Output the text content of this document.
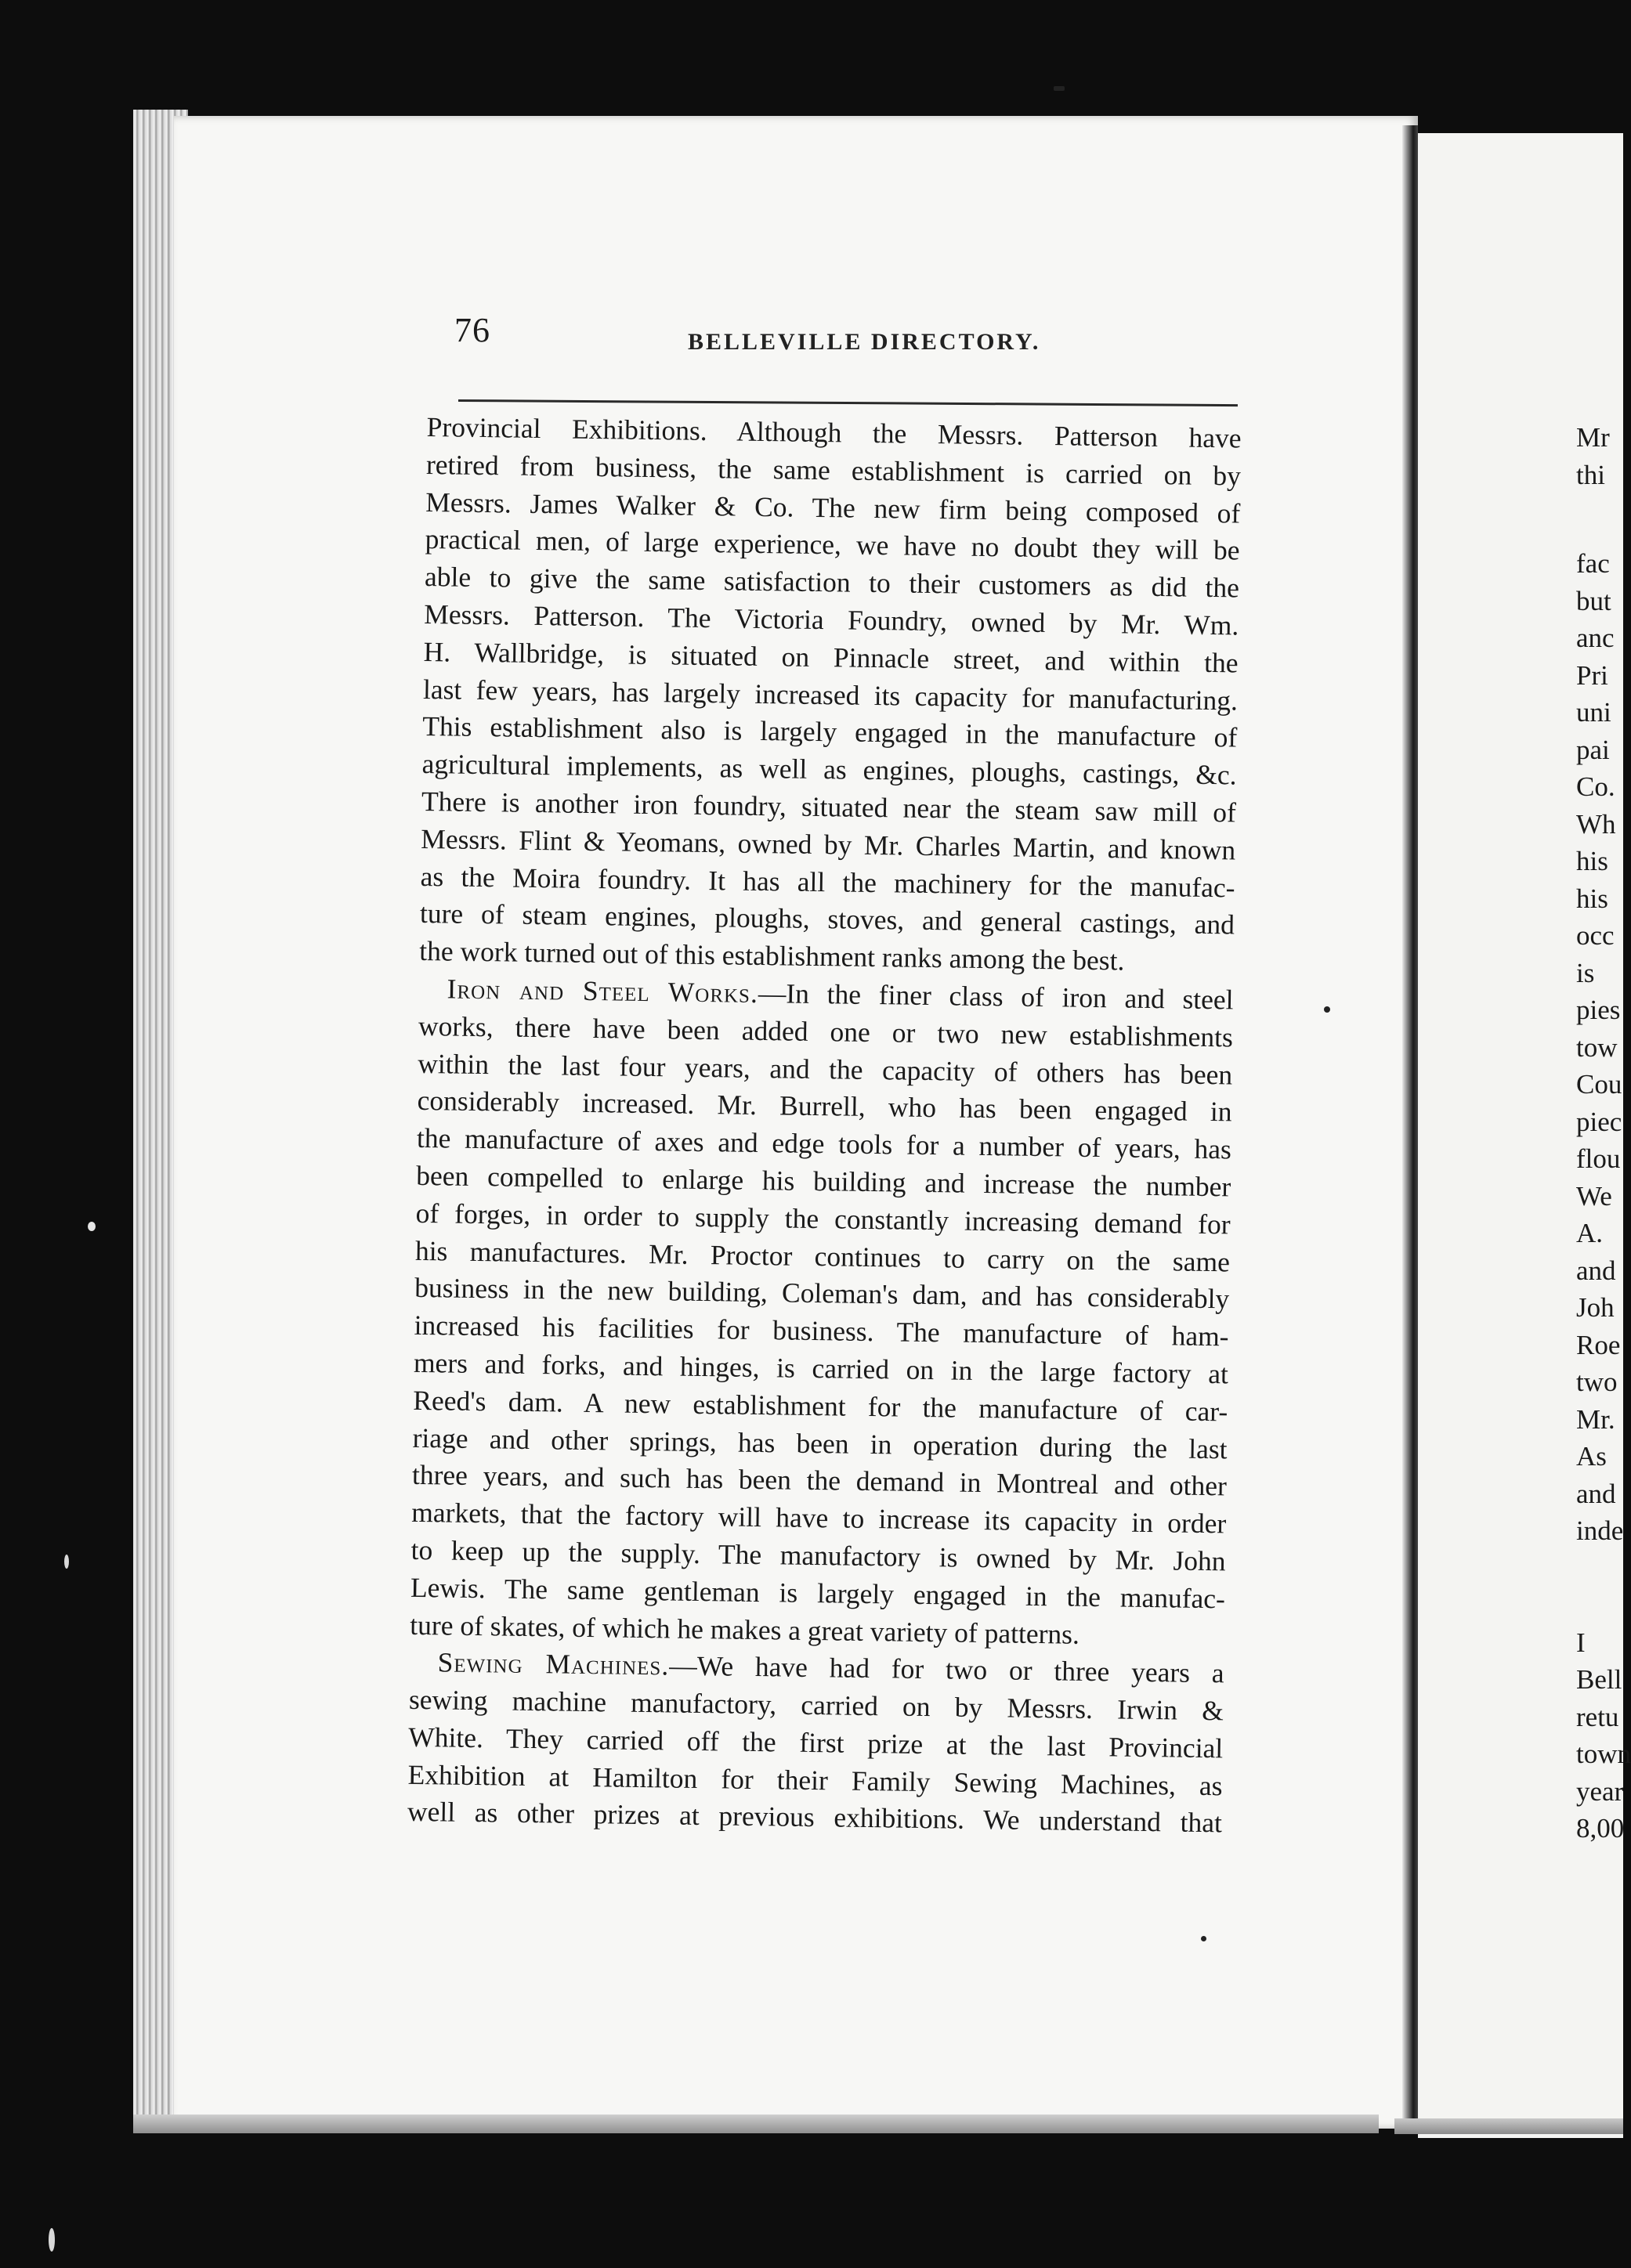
76	BELLEVILLE DIRECTORY.
Provincial Exhibitions. Although the Messrs. Patterson have
retired from business, the same establishment is carried on by
Messrs. James Walker & Co. The new firm being composed of
practical men, of large experience, we have no doubt they will be
able to give the same satisfaction to their customers as did the
Messrs. Patterson. The Victoria Foundry, owned by Mr. Wm.
H. Wallbridge, is situated on Pinnacle street, and within the
last few years, has largely increased its capacity for manufacturing.
This establishment also is largely engaged in the manufacture of
agricultural implements, as well as engines, ploughs, castings, &c.
There is another iron foundry, situated near the steam saw mill of
Messrs. Flint & Yeomans, owned by Mr. Charles Martin, and known
as the Moira foundry. It has all the machinery for the manufac-
ture of steam engines, ploughs, stoves, and general castings, and
the work turned out of this establishment ranks among the best.
Iron and Steel Works.—In the finer class of iron and steel
works, there have been added one or two new establishments
within the last four years, and the capacity of others has been
considerably increased. Mr. Burrell, who has been engaged in
the manufacture of axes and edge tools for a number of years, has
been compelled to enlarge his building and increase the number
of forges, in order to supply the constantly increasing demand for
his manufactures. Mr. Proctor continues to carry on the same
business in the new building, Coleman's dam, and has considerably
increased his facilities for business. The manufacture of ham-
mers and forks, and hinges, is carried on in the large factory at
Reed's dam. A new establishment for the manufacture of car-
riage and other springs, has been in operation during the last
three years, and such has been the demand in Montreal and other
markets, that the factory will have to increase its capacity in order
to keep up the supply. The manufactory is owned by Mr. John
Lewis. The same gentleman is largely engaged in the manufac-
ture of skates, of which he makes a great variety of patterns.
Sewing Machines.—We have had for two or three years a
sewing machine manufactory, carried on by Messrs. Irwin &
White. They carried off the first prize at the last Provincial
Exhibition at Hamilton for their Family Sewing Machines, as
well as other prizes at previous exhibitions. We understand that
Mr
thi
fac
but
anc
Pri
uni
pai
Co.
Wh
his
his
occ
is
pies
tow
Cou
piec
flou
We
A.
and
Joh
Roe
two
Mr.
As
and
inde
I
Bell
retu
town
year
8,00
